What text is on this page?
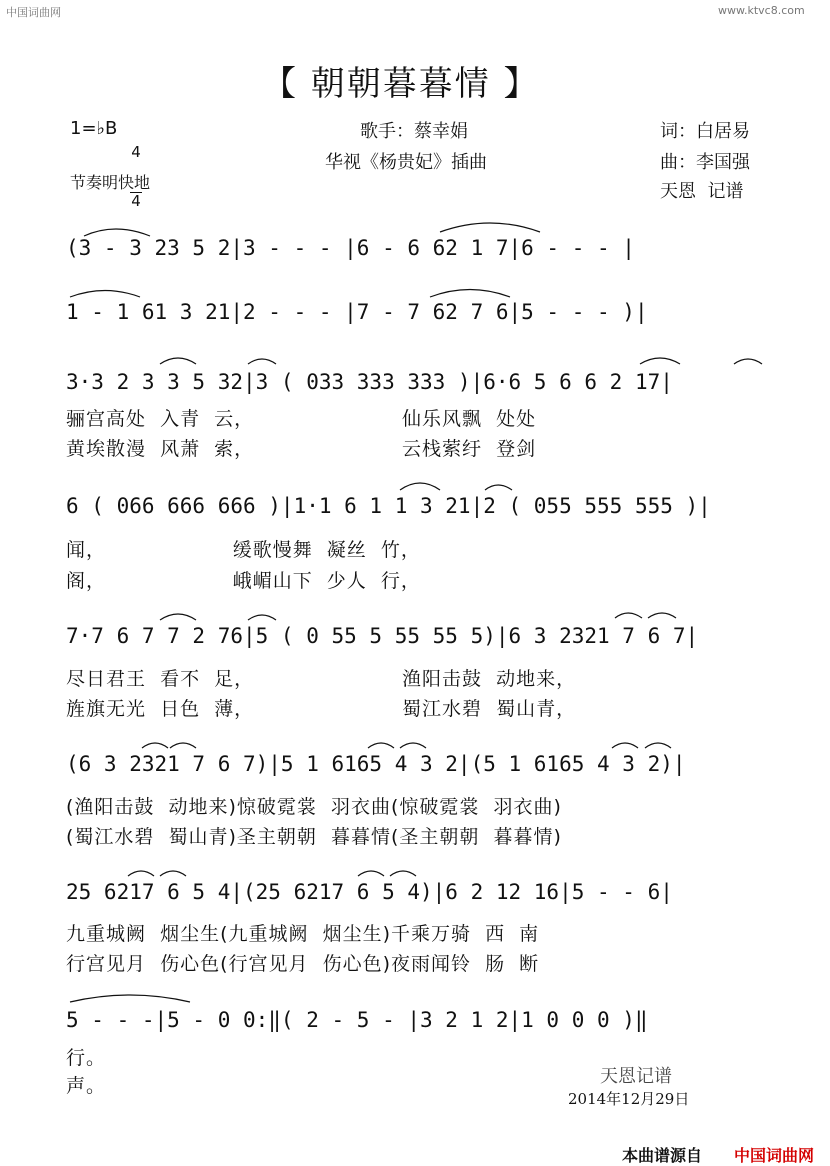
中国词曲网	www.ktvc8.com
【 朝朝暮暮情 】
1=♭B

4

4

节奏明快地
歌手：蔡幸娟
华视《杨贵妃》插曲
词：白居易
曲：李国强
天恩  记谱
(3 - 3 23 5 2|3 - - - |6 - 6 62 1 7|6 - - - |
1 - 1 61 3 21|2 - - - |7 - 7 62 7 6|5 - - - )|
3·3 2 3 3 5 32|3 ( 033 333 333 )|6·6 5 6 6 2 17|
骊宫高处  入青  云，                     仙乐风飘  处处
黄埃散漫  风萧  索，                     云栈萦纡  登剑
6 ( 066 666 666 )|1·1 6 1 1 3 21|2 ( 055 555 555 )|
闻，                  缓歌慢舞  凝丝  竹，
阁，                  峨嵋山下  少人  行，
7·7 6 7 7 2 76|5 ( 0 55 5 55 55 5)|6 3 2321 7 6 7|
尽日君王  看不  足，                     渔阳击鼓  动地来，
旌旗无光  日色  薄，                     蜀江水碧  蜀山青，
(6 3 2321 7 6 7)|5 1 6165 4 3 2|(5 1 6165 4 3 2)|
(渔阳击鼓  动地来)惊破霓裳  羽衣曲(惊破霓裳  羽衣曲)
(蜀江水碧  蜀山青)圣主朝朝  暮暮情(圣主朝朝  暮暮情)
25 6217 6 5 4|(25 6217 6 5 4)|6 2 12 16|5 - - 6|
九重城阙  烟尘生(九重城阙  烟尘生)千乘万骑  西  南
行宫见月  伤心色(行宫见月  伤心色)夜雨闻铃  肠  断
5 - - -|5 - 0 0:‖( 2 - 5 - |3 2 1 2|1 0 0 0 )‖
行。
声。	天恩记谱
2014年12月29日
本曲谱源自 中国词曲网
